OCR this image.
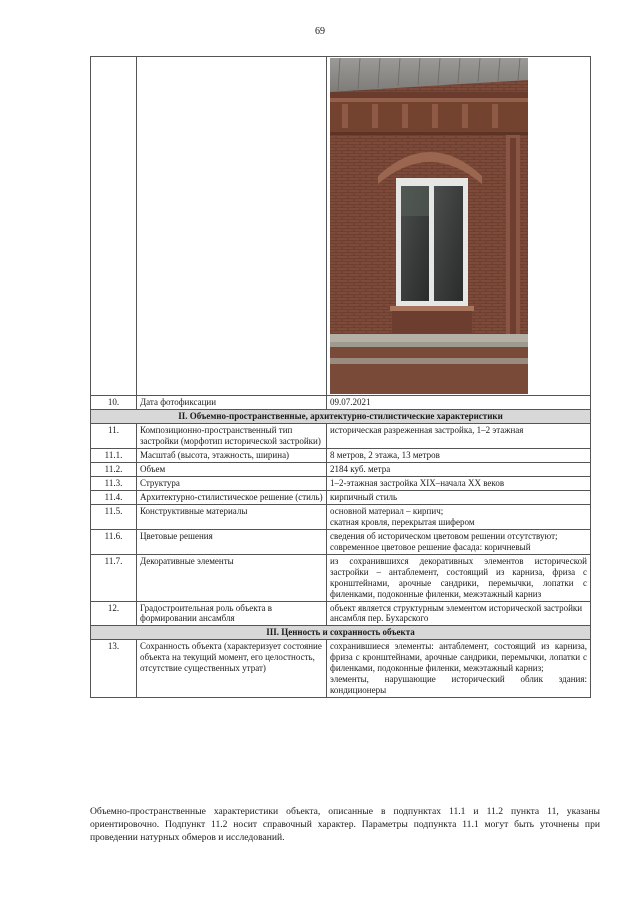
69

10.	Дата фотофиксации	09.07.2021

II. Объемно-пространственные, архитектурно-стилистические характеристики		
11.	Композиционно-пространственный тип застройки (морфотип исторической застройки)	историческая разреженная застройка, 1–2 этажная

11.1.	Масштаб (высота, этажность, ширина)	8 метров, 2 этажа, 13 метров

11.2.	Объем	2184 куб. метра

11.3.	Структура	1–2-этажная застройка XIX–начала XX веков

11.4.	Архитектурно-стилистическое решение (стиль)	кирпичный стиль

11.5.	Конструктивные материалы	основной материал – кирпич;
скатная кровля, перекрытая шифером

11.6.	Цветовые решения	сведения об историческом цветовом решении отсутствуют;
современное цветовое решение фасада: коричневый

11.7.	Декоративные элементы	из сохранившихся декоративных элементов исторической застройки – антаблемент, состоящий из карниза, фриза с кронштейнами, арочные сандрики, перемычки, лопатки с филенками, подоконные филенки, межэтажный карниз

12.	Градостроительная роль объекта в формировании ансамбля	объект является структурным элементом исторической застройки ансамбля пер. Бухарского

III. Ценность и сохранность объекта		
13.	Сохранность объекта (характеризует состояние объекта на текущий момент, его целостность, отсутствие существенных утрат)	сохранившиеся элементы: антаблемент, состоящий из карниза, фриза с кронштейнами, арочные сандрики, перемычки, лопатки с филенками, подоконные филенки, межэтажный карниз;
элементы, нарушающие исторический облик здания: кондиционеры
Объемно-пространственные характеристики объекта, описанные в подпунктах 11.1 и 11.2 пункта 11, указаны ориентировочно. Подпункт 11.2 носит справочный характер. Параметры подпункта 11.1 могут быть уточнены при проведении натурных обмеров и исследований.
